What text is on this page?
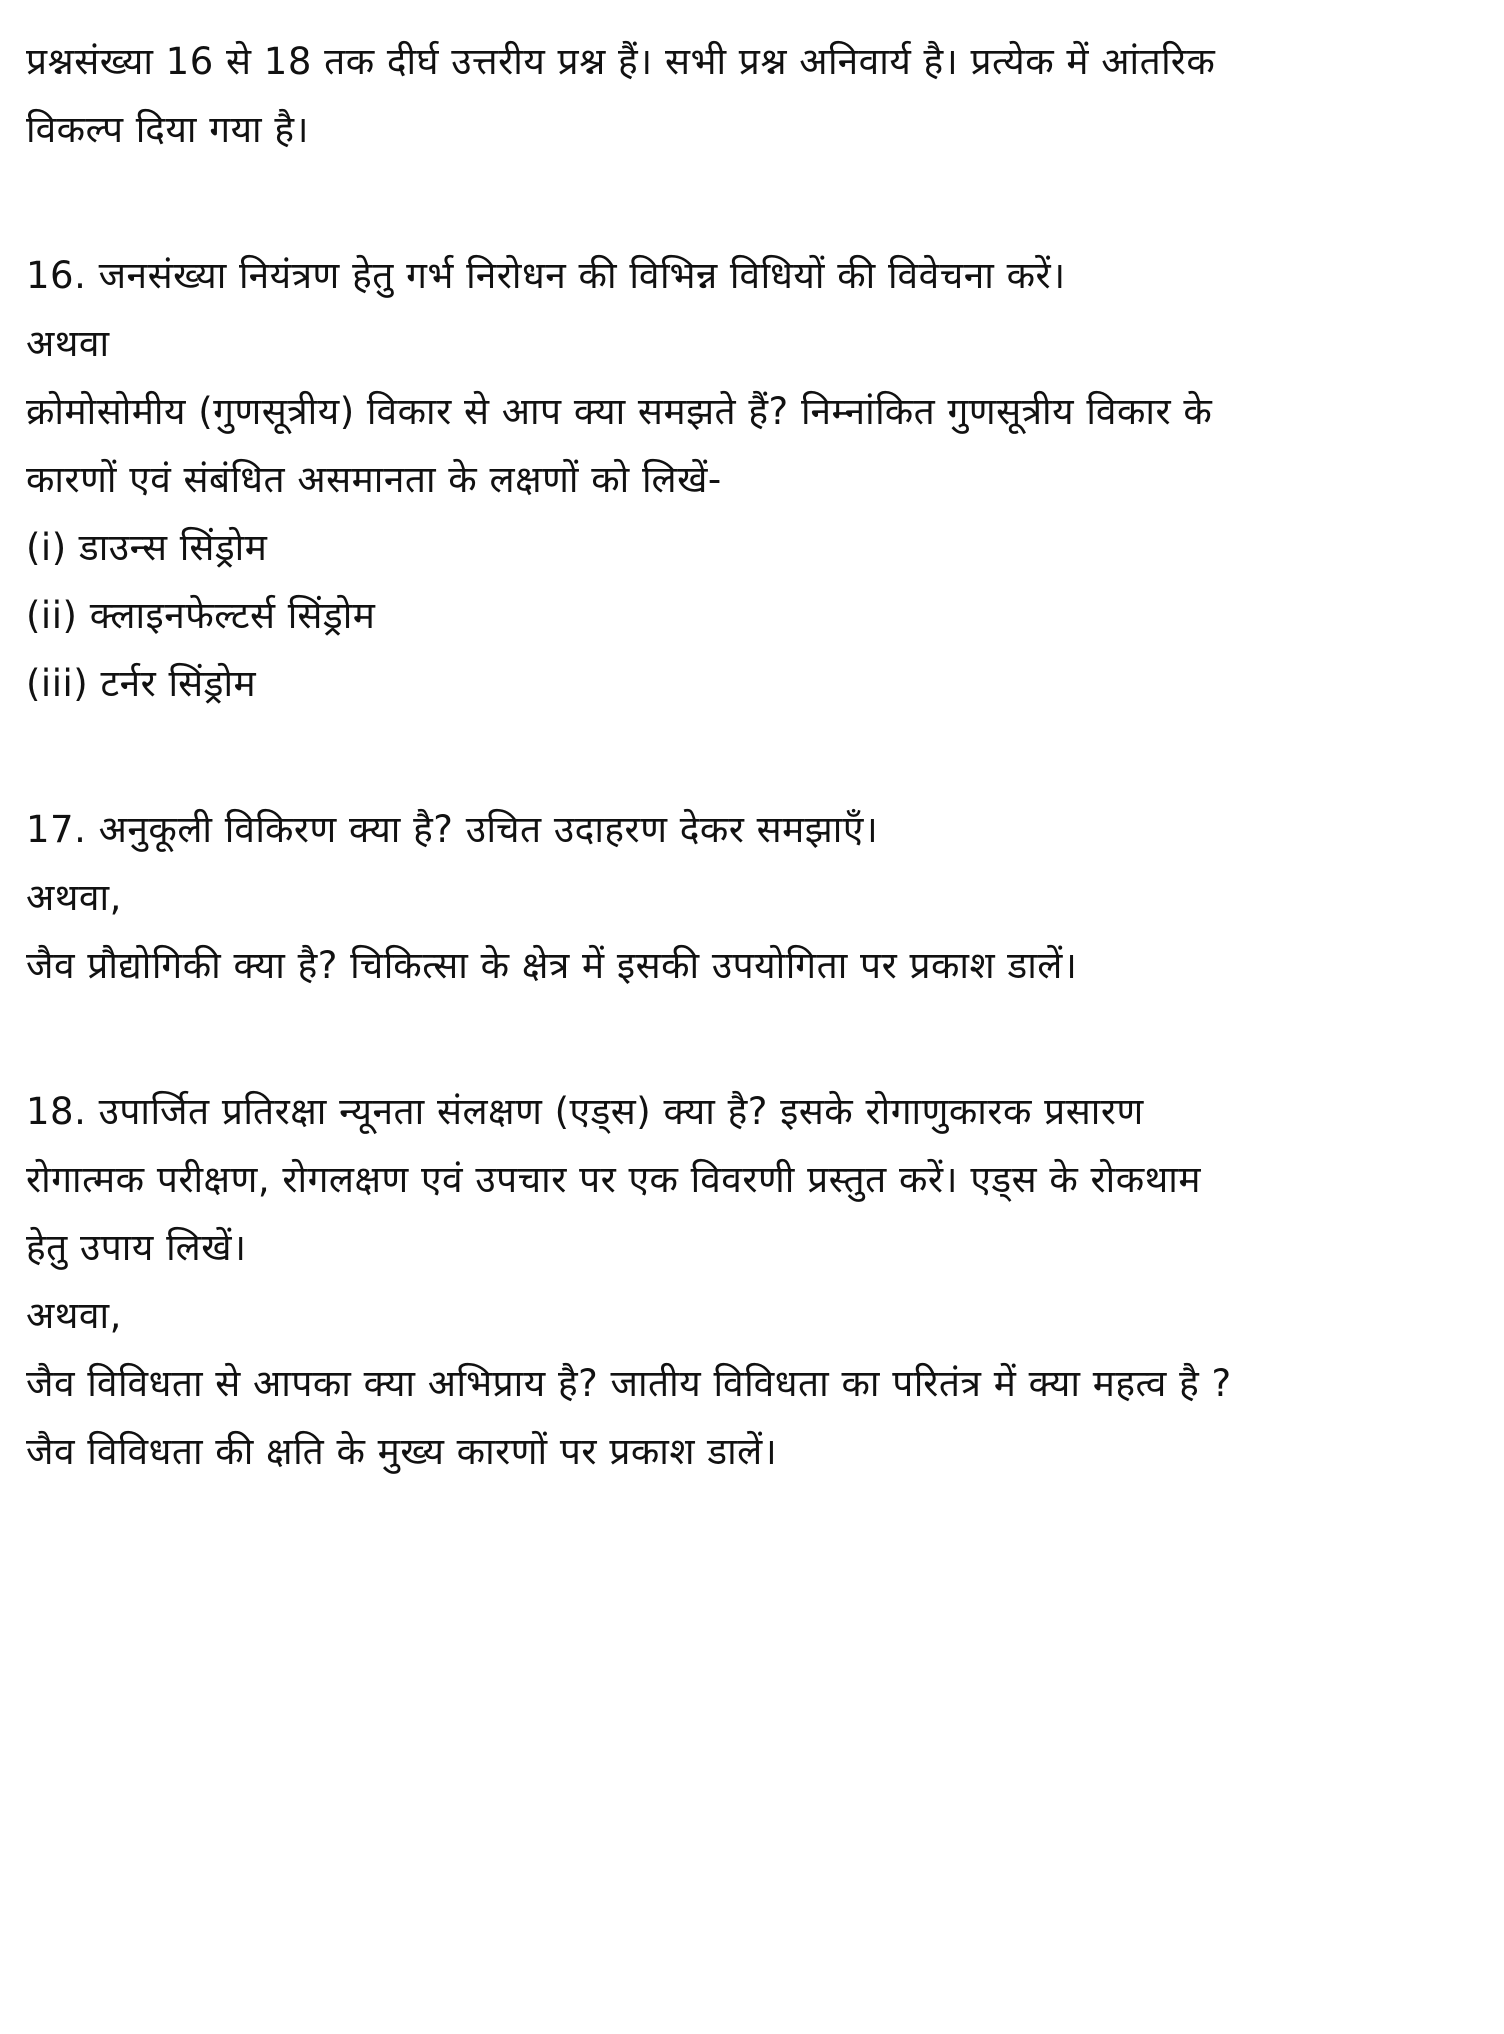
प्रश्नसंख्या 16 से 18 तक दीर्घ उत्तरीय प्रश्न हैं। सभी प्रश्न अनिवार्य है। प्रत्येक में आंतरिक

विकल्प दिया गया है।

16. जनसंख्या नियंत्रण हेतु गर्भ निरोधन की विभिन्न विधियों की विवेचना करें।

अथवा

क्रोमोसोमीय (गुणसूत्रीय) विकार से आप क्या समझते हैं? निम्नांकित गुणसूत्रीय विकार के

कारणों एवं संबंधित असमानता के लक्षणों को लिखें-

(i) डाउन्स सिंड्रोम

(ii) क्लाइनफेल्टर्स सिंड्रोम

(iii) टर्नर सिंड्रोम

17. अनुकूली विकिरण क्या है? उचित उदाहरण देकर समझाएँ।

अथवा,

जैव प्रौद्योगिकी क्या है? चिकित्सा के क्षेत्र में इसकी उपयोगिता पर प्रकाश डालें।

18. उपार्जित प्रतिरक्षा न्यूनता संलक्षण (एड्स) क्या है? इसके रोगाणुकारक प्रसारण

रोगात्मक परीक्षण, रोगलक्षण एवं उपचार पर एक विवरणी प्रस्तुत करें। एड्स के रोकथाम

हेतु उपाय लिखें।

अथवा,

जैव विविधता से आपका क्या अभिप्राय है? जातीय विविधता का परितंत्र में क्या महत्व है ?

जैव विविधता की क्षति के मुख्य कारणों पर प्रकाश डालें।
